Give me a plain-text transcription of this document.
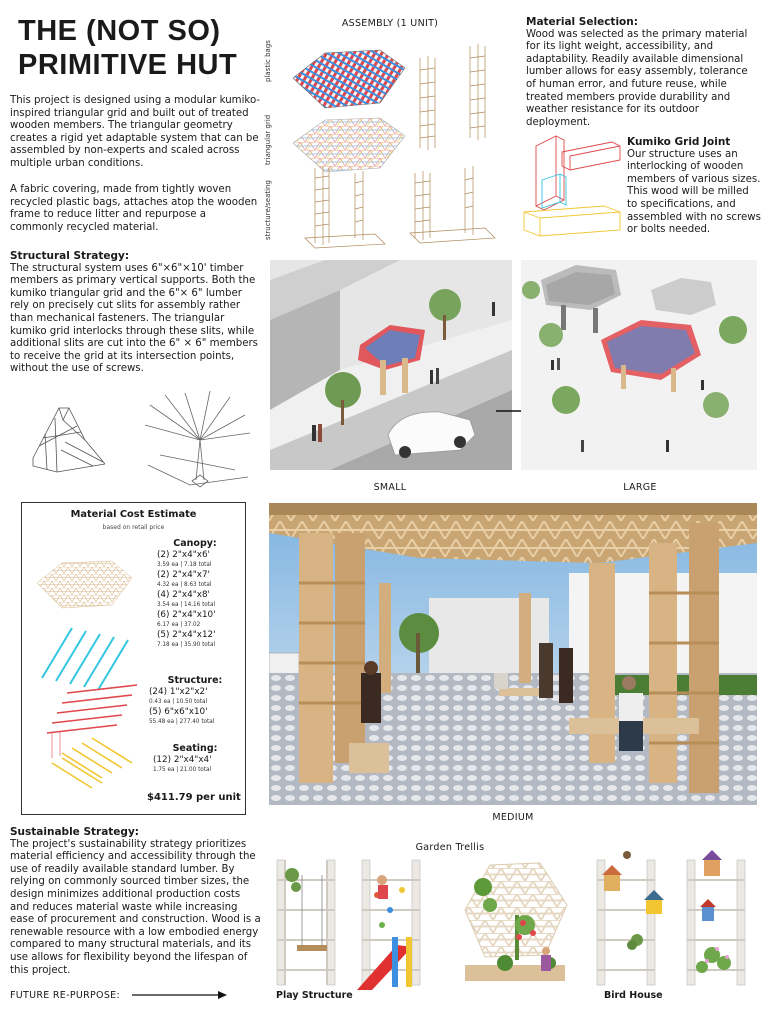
THE (NOT SO)
PRIMITIVE HUT
This project is designed using a modular kumiko-inspired triangular grid and built out of treated wooden members. The triangular geometry creates a rigid yet adaptable system that can be assembled by non-experts and scaled across multiple urban conditions.
A fabric covering, made from tightly woven recycled plastic bags, attaches atop the wooden frame to reduce litter and repurpose a commonly recycled material.
Structural Strategy:
The structural system uses 6"×6"×10' timber members as primary vertical supports. Both the kumiko triangular grid and the 6"× 6" lumber rely on precisely cut slits for assembly rather than mechanical fasteners. The triangular kumiko grid interlocks through these slits, while additional slits are cut into the 6" × 6" members to receive the grid at its intersection points, without the use of screws.
ASSEMBLY (1 UNIT)
plastic bags
triangular grid
structure/seating
Material Selection:
Wood was selected as the primary material for its light weight, accessibility, and adaptability. Readily available dimensional lumber allows for easy assembly, tolerance of human error, and future reuse, while treated members provide durability and weather resistance for its outdoor deployment.
Kumiko Grid Joint
Our structure uses an interlocking of wooden members of various sizes. This wood will be milled to specifications, and assembled with no screws or bolts needed.
SMALL	LARGE
Material Cost Estimate
based on retail price
Canopy:
(2) 2"x4"x6'
3.59 ea | 7.18 total
(2) 2"x4"x7'
4.32 ea | 8.63 total
(4) 2"x4"x8'
3.54 ea | 14.16 total
(6) 2"x4"x10'
6.17 ea | 37.02
(5) 2"x4"x12'
7.18 ea | 35.90 total
Structure:
(24) 1"x2"x2'
0.43 ea | 10.50 total
(5) 6"x6"x10'
55.48 ea | 277.40 total
Seating:
(12) 2"x4"x4'
1.75 ea | 21.00 total
$411.79 per unit
MEDIUM
Sustainable Strategy:
The project's sustainability strategy prioritizes material efficiency and accessibility through the use of readily available standard lumber. By relying on commonly sourced timber sizes, the design minimizes additional production costs and reduces material waste while increasing ease of procurement and construction. Wood is a renewable resource with a low embodied energy compared to many structural materials, and its use allows for flexibility beyond the lifespan of this project.
FUTURE RE-PURPOSE:
Garden Trellis
Play Structure	Bird House
